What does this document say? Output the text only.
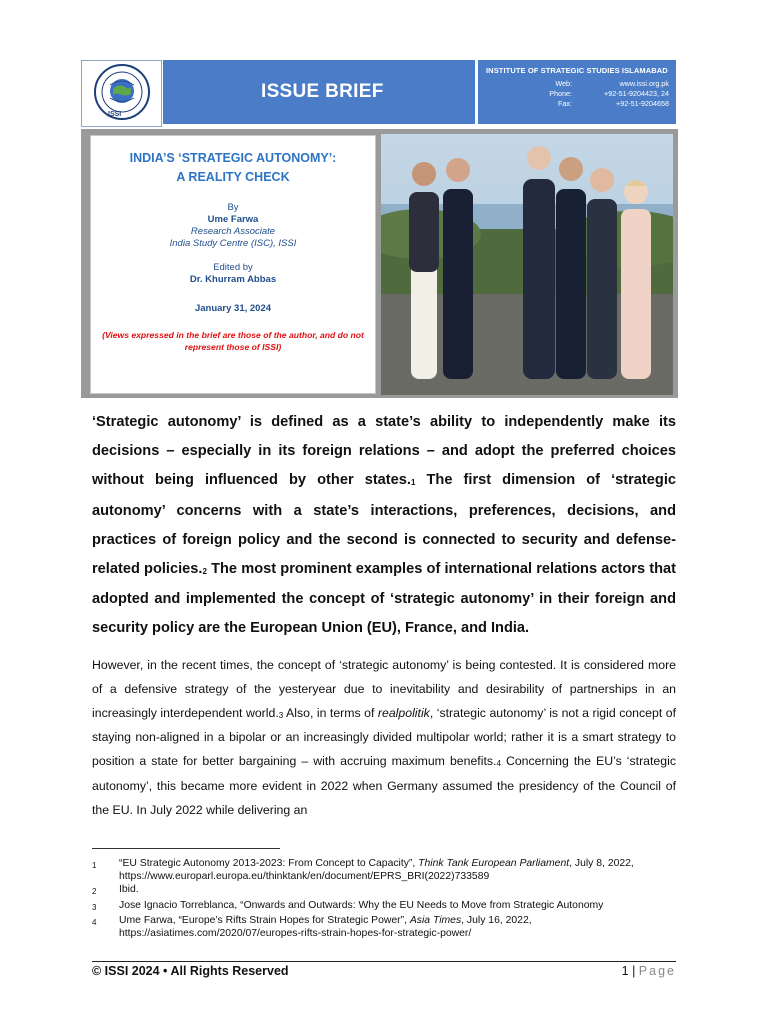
ISSI
ISSUE BRIEF
INSTITUTE OF STRATEGIC STUDIES ISLAMABAD
Web:	www.issi.org.pk
Phone:	+92-51-9204423, 24
Fax:	+92-51-9204658
INDIA’S ‘STRATEGIC AUTONOMY’:
A REALITY CHECK
By
Ume Farwa
Research Associate
India Study Centre (ISC), ISSI
Edited by
Dr. Khurram Abbas
January 31, 2024
(Views expressed in the brief are those of the author, and do not represent those of ISSI)
‘Strategic autonomy’ is defined as a state’s ability to independently make its decisions – especially in its foreign relations – and adopt the preferred choices without being influenced by other states.$^1$ The first dimension of ‘strategic autonomy’ concerns with a state’s interactions, preferences, decisions, and practices of foreign policy and the second is connected to security and defense-related policies.$^2$ The most prominent examples of international relations actors that adopted and implemented the concept of ‘strategic autonomy’ in their foreign and security policy are the European Union (EU), France, and India.
However, in the recent times, the concept of ‘strategic autonomy’ is being contested. It is considered more of a defensive strategy of the yesteryear due to inevitability and desirability of partnerships in an increasingly interdependent world.$^3$ Also, in terms of realpolitik, ‘strategic autonomy’ is not a rigid concept of staying non-aligned in a bipolar or an increasingly divided multipolar world; rather it is a smart strategy to position a state for better bargaining – with accruing maximum benefits.$^4$ Concerning the EU’s ‘strategic autonomy’, this became more evident in 2022 when Germany assumed the presidency of the Council of the EU. In July 2022 while delivering an
1	“EU Strategic Autonomy 2013-2023: From Concept to Capacity”, Think Tank European Parliament, July 8, 2022, https://www.europarl.europa.eu/thinktank/en/document/EPRS_BRI(2022)733589
2	Ibid.
3	Jose Ignacio Torreblanca, “Onwards and Outwards: Why the EU Needs to Move from Strategic Autonomy
4	Ume Farwa, “Europe’s Rifts Strain Hopes for Strategic Power”, Asia Times, July 16, 2022, https://asiatimes.com/2020/07/europes-rifts-strain-hopes-for-strategic-power/
© ISSI 2024 • All Rights Reserved	1 | Page
